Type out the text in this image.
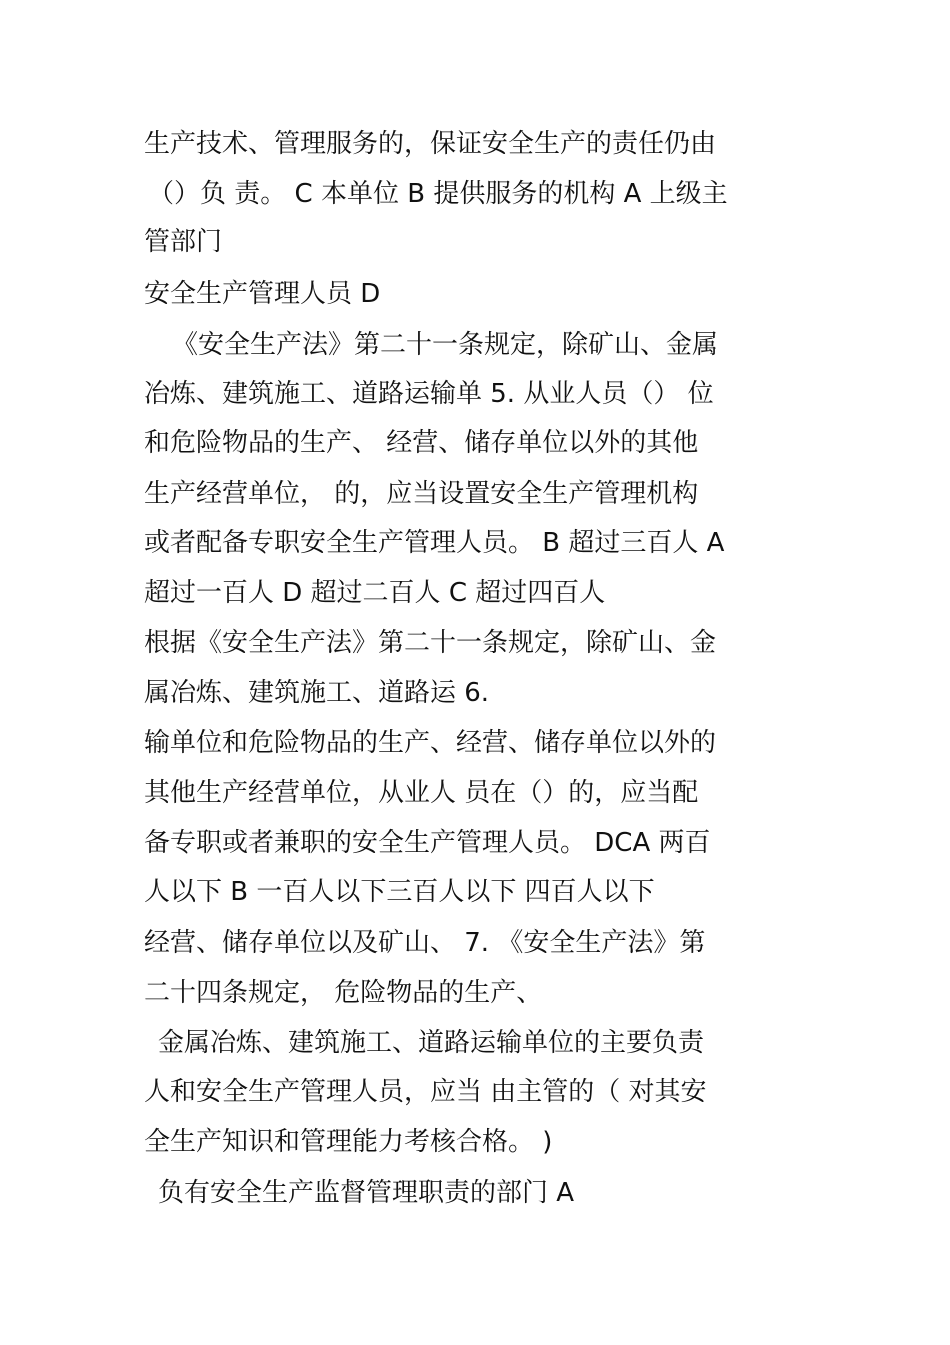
生产技术、管理服务的，保证安全生产的责任仍由

（）负 责。 C 本单位 B 提供服务的机构 A 上级主

管部门

安全生产管理人员 D

《安全生产法》第二十一条规定，除矿山、金属

冶炼、建筑施工、道路运输单 5. 从业人员（） 位

和危险物品的生产、 经营、储存单位以外的其他

生产经营单位， 的，应当设置安全生产管理机构

或者配备专职安全生产管理人员。 B 超过三百人 A

超过一百人 D 超过二百人 C 超过四百人

根据《安全生产法》第二十一条规定，除矿山、金

属冶炼、建筑施工、道路运 6.

输单位和危险物品的生产、经营、储存单位以外的

其他生产经营单位，从业人 员在（）的，应当配

备专职或者兼职的安全生产管理人员。 DCA 两百

人以下 B 一百人以下三百人以下 四百人以下

经营、储存单位以及矿山、 7. 《安全生产法》第

二十四条规定， 危险物品的生产、

金属冶炼、建筑施工、道路运输单位的主要负责

人和安全生产管理人员，应当 由主管的（ 对其安

全生产知识和管理能力考核合格。 )

负有安全生产监督管理职责的部门 A
